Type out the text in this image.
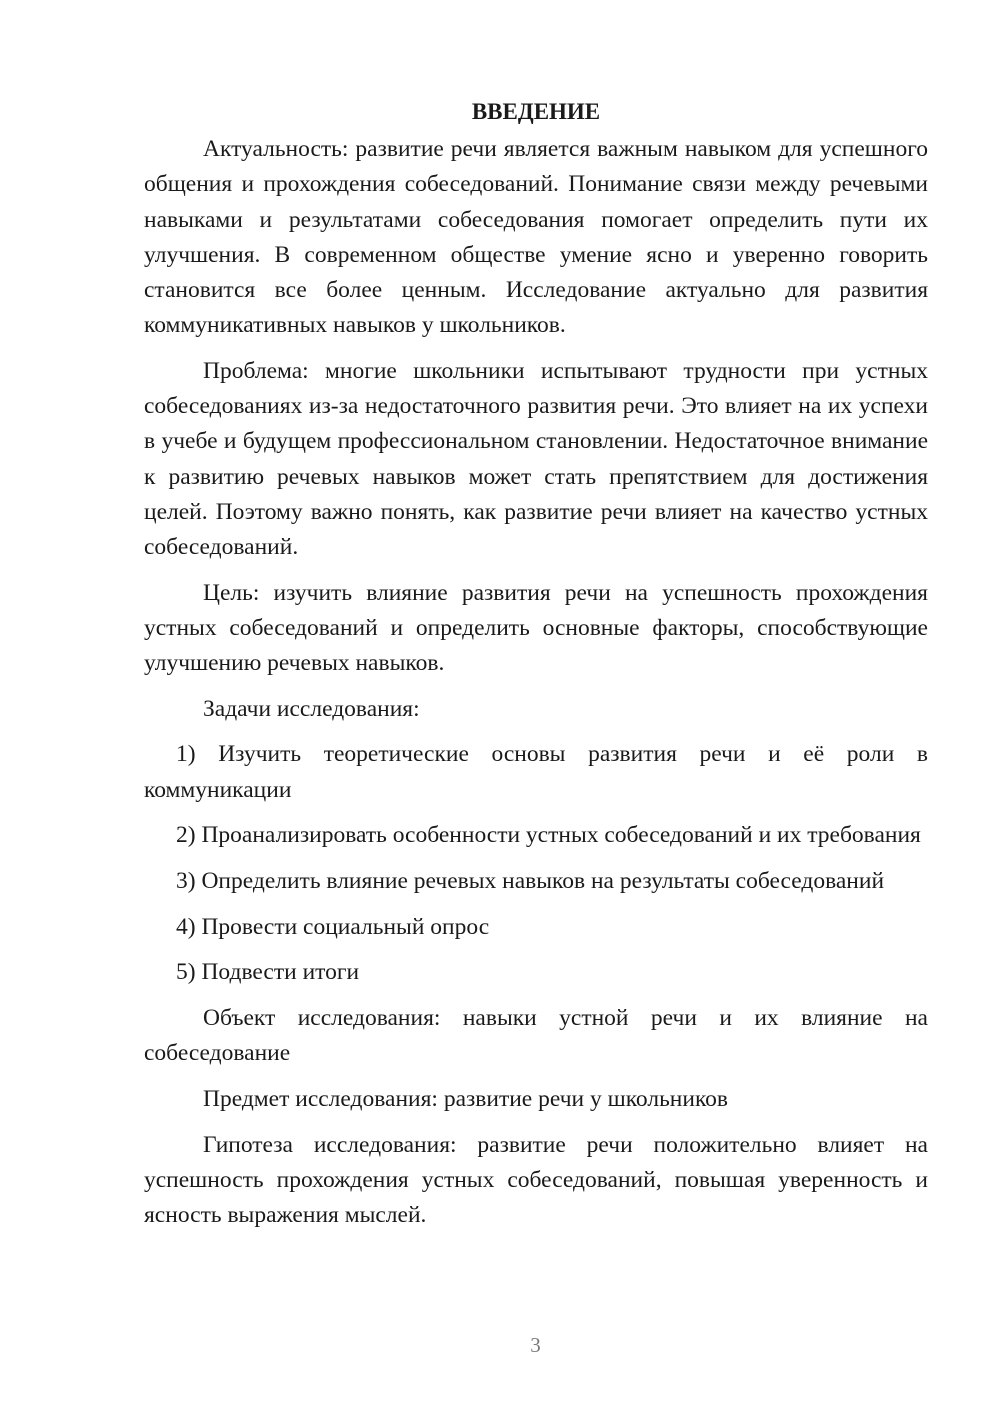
ВВЕДЕНИЕ

Актуальность: развитие речи является важным навыком для успешного общения и прохождения собеседований. Понимание связи между речевыми навыками и результатами собеседования помогает определить пути их улучшения. В современном обществе умение ясно и уверенно говорить становится все более ценным. Исследование актуально для развития коммуникативных навыков у школьников.

Проблема: многие школьники испытывают трудности при устных собеседованиях из-за недостаточного развития речи. Это влияет на их успехи в учебе и будущем профессиональном становлении. Недостаточное внимание к развитию речевых навыков может стать препятствием для достижения целей. Поэтому важно понять, как развитие речи влияет на качество устных собеседований.

Цель: изучить влияние развития речи на успешность прохождения устных собеседований и определить основные факторы, способствующие улучшению речевых навыков.

Задачи исследования:

1) Изучить теоретические основы развития речи и её роли в коммуникации

2) Проанализировать особенности устных собеседований и их требования

3) Определить влияние речевых навыков на результаты собеседований

4) Провести социальный опрос

5) Подвести итоги

Объект исследования: навыки устной речи и их влияние на собеседование

Предмет исследования: развитие речи у школьников

Гипотеза исследования: развитие речи положительно влияет на успешность прохождения устных собеседований, повышая уверенность и ясность выражения мыслей.

3
